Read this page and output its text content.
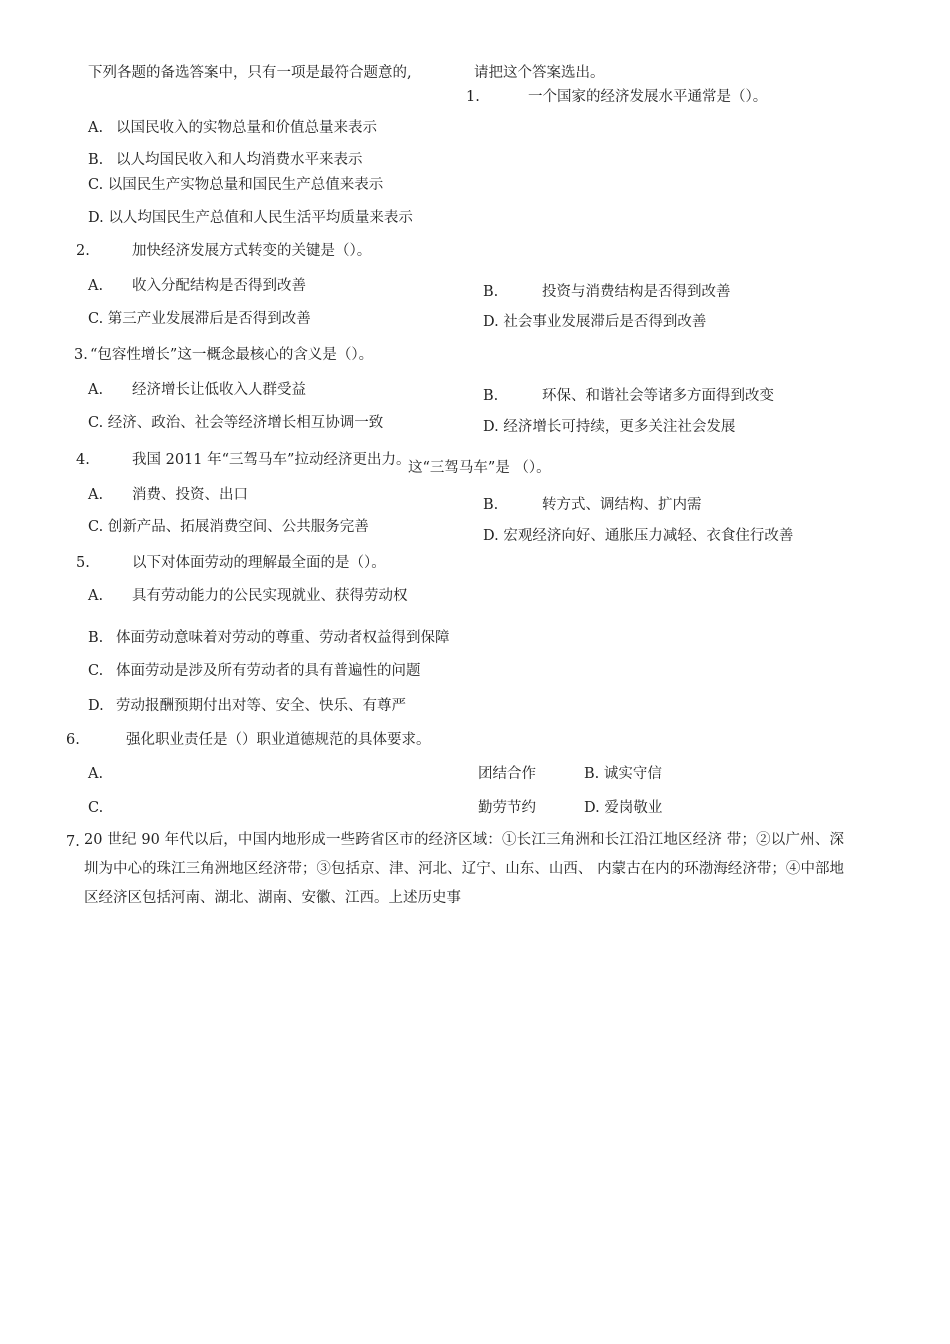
下列各题的备选答案中，只有一项是最符合题意的,	请把这个答案选出。
1.	一个国家的经济发展水平通常是（）。
A. 以国民收入的实物总量和价值总量来表示
B. 以人均国民收入和人均消费水平来表示
C. 以国民生产实物总量和国民生产总值来表示
D. 以人均国民生产总值和人民生活平均质量来表示
2.	加快经济发展方式转变的关键是（）。
A. 收入分配结构是否得到改善	B.	投资与消费结构是否得到改善
C. 第三产业发展滞后是否得到改善	D. 社会事业发展滞后是否得到改善
3. “包容性增长”这一概念最核心的含义是（）。
A. 经济增长让低收入人群受益	B.	环保、和谐社会等诸多方面得到改变
C. 经济、政治、社会等经济增长相互协调一致	D. 经济增长可持续，更多关注社会发展
4.	我国 2011 年“三驾马车”拉动经济更出力。
这“三驾马车”是 （）。
A. 消费、投资、出口
B.	转方式、调结构、扩内需
C. 创新产品、拓展消费空间、公共服务完善
D. 宏观经济向好、通胀压力减轻、衣食住行改善
5.	以下对体面劳动的理解最全面的是（）。
A. 具有劳动能力的公民实现就业、获得劳动权
B. 体面劳动意味着对劳动的尊重、劳动者权益得到保障
C. 体面劳动是涉及所有劳动者的具有普遍性的问题
D. 劳动报酬预期付出对等、安全、快乐、有尊严
6.	强化职业责任是（）职业道德规范的具体要求。
A.	团结合作	B. 诚实守信
C.	勤劳节约	D. 爱岗敬业
7. 20 世纪 90 年代以后，中国内地形成一些跨省区市的经济区域：①长江三角洲和长江沿江地区经济 带；②以广州、深圳为中心的珠江三角洲地区经济带；③包括京、津、河北、辽宁、山东、山西、 内蒙古在内的环渤海经济带；④中部地区经济区包括河南、湖北、湖南、安徽、江西。上述历史事
